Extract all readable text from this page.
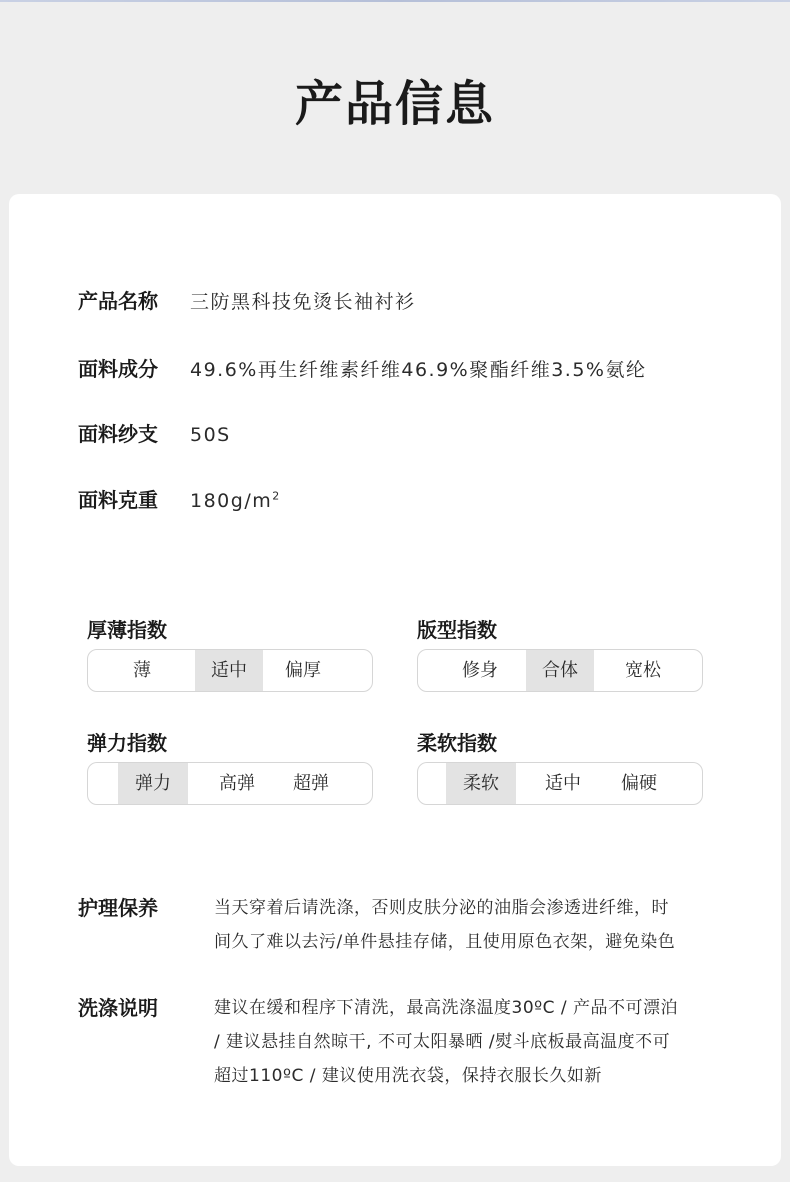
产品信息
产品名称 三防黑科技免烫长袖衬衫
面料成分 49.6%再生纤维素纤维46.9%聚酯纤维3.5%氨纶
面料纱支 50S
面料克重 $180g/m^2$
厚薄指数
薄	适中	偏厚
版型指数
修身	合体	宽松
弹力指数
弹力	高弹	超弹
柔软指数
柔软	适中	偏硬
护理保养	当天穿着后请洗涤，否则皮肤分泌的油脂会渗透进纤维，时
间久了难以去污/单件悬挂存储，且使用原色衣架，避免染色
洗涤说明	建议在缓和程序下清洗，最高洗涤温度30ºC / 产品不可漂泊
/ 建议悬挂自然晾干, 不可太阳暴晒 /熨斗底板最高温度不可
超过110ºC / 建议使用洗衣袋，保持衣服长久如新
